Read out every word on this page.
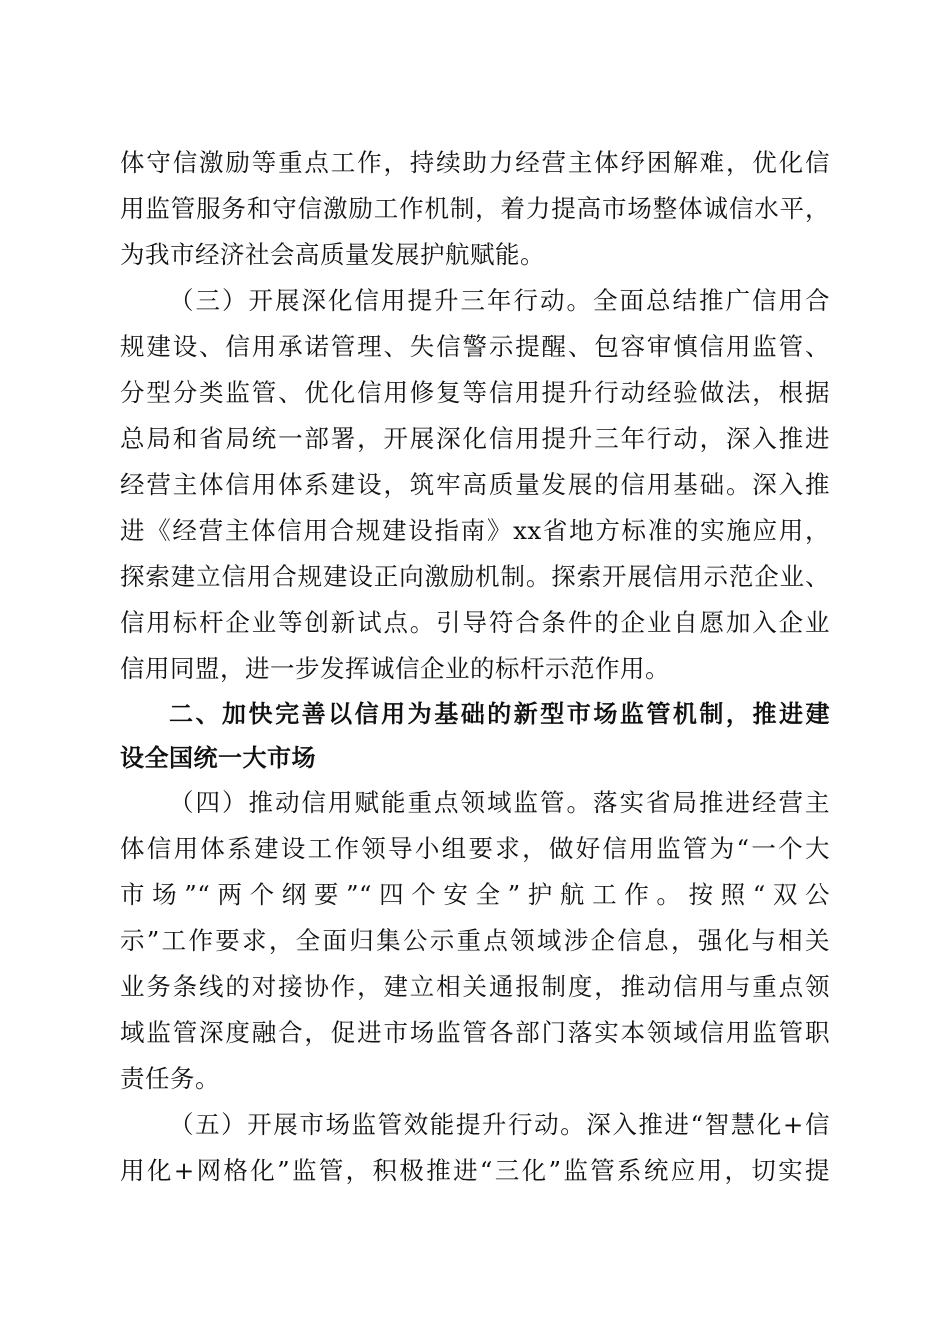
体守信激励等重点工作，持续助力经营主体纾困解难，优化信
用监管服务和守信激励工作机制，着力提高市场整体诚信水平，
为我市经济社会高质量发展护航赋能。
（三）开展深化信用提升三年行动。全面总结推广信用合
规建设、信用承诺管理、失信警示提醒、包容审慎信用监管、
分型分类监管、优化信用修复等信用提升行动经验做法，根据
总局和省局统一部署，开展深化信用提升三年行动，深入推进
经营主体信用体系建设，筑牢高质量发展的信用基础。深入推
进《经营主体信用合规建设指南》xx省地方标准的实施应用，
探索建立信用合规建设正向激励机制。探索开展信用示范企业、
信用标杆企业等创新试点。引导符合条件的企业自愿加入企业
信用同盟，进一步发挥诚信企业的标杆示范作用。
二、加快完善以信用为基础的新型市场监管机制，推进建
设全国统一大市场
（四）推动信用赋能重点领域监管。落实省局推进经营主
体信用体系建设工作领导小组要求，做好信用监管为“一个大
市场”“两个纲要”“四个安全”护航工作。按照“双公
示”工作要求，全面归集公示重点领域涉企信息，强化与相关
业务条线的对接协作，建立相关通报制度，推动信用与重点领
域监管深度融合，促进市场监管各部门落实本领域信用监管职
责任务。
（五）开展市场监管效能提升行动。深入推进“智慧化+信
用化+网格化”监管，积极推进“三化”监管系统应用，切实提
